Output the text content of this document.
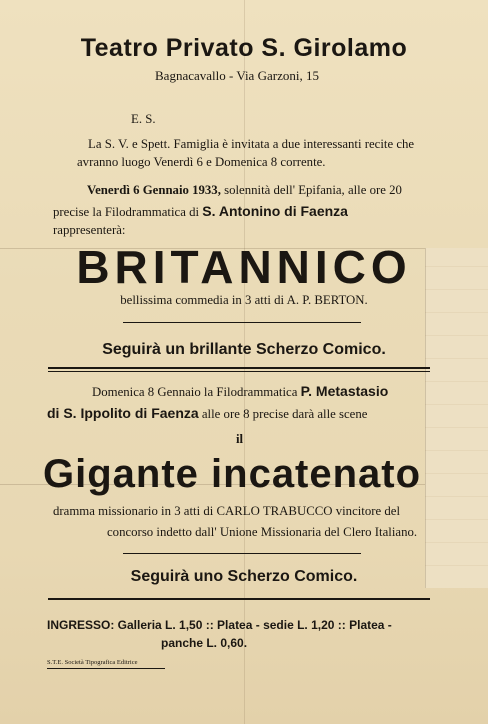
Teatro Privato S. Girolamo
Bagnacavallo - Via Garzoni, 15
E. S.
La S. V. e Spett. Famiglia è invitata a due interessanti recite che
avranno luogo Venerdì 6 e Domenica 8 corrente.
Venerdì 6 Gennaio 1933, solennità dell' Epifania, alle ore 20
precise la Filodrammatica di S. Antonino di Faenza
rappresenterà:
BRITANNICO
bellissima commedia in 3 atti di A. P. BERTON.
Seguirà un brillante Scherzo Comico.
Domenica 8 Gennaio la Filodrammatica P. Metastasio
di S. Ippolito di Faenza alle ore 8 precise darà alle scene
il
Gigante incatenato
dramma missionario in 3 atti di CARLO TRABUCCO vincitore del
concorso indetto dall' Unione Missionaria del Clero Italiano.
Seguirà uno Scherzo Comico.
INGRESSO: Galleria L. 1,50 :: Platea - sedie L. 1,20 :: Platea -
panche L. 0,60.
S.T.E. Società Tipografica Editrice
